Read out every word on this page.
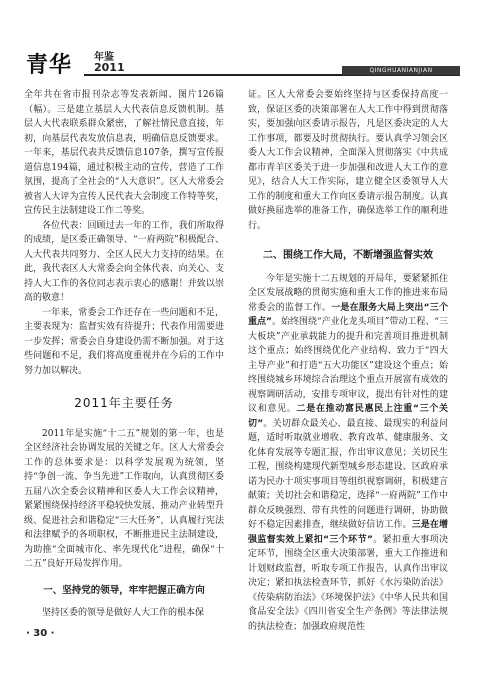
青华 年鉴
2011	QINGHUANIANJIAN

全年共在省市报刊杂志等发表新闻、图片126篇（幅）。三是建立基层人大代表信息反馈机制。基层人大代表联系群众紧密，了解社情民意直接，年初，向基层代表发放信息表，明确信息反馈要求。一年来，基层代表共反馈信息107条，撰写宣传报道信息194篇，通过积极主动的宣传，营造了工作氛围，提高了全社会的“人大意识”。区人大常委会被省人大评为宣传人民代表大会制度工作特等奖，宣传民主法制建设工作二等奖。

各位代表：回顾过去一年的工作，我们所取得的成绩，是区委正确领导、“一府两院”积极配合、人大代表共同努力、全区人民大力支持的结果。在此，我代表区人大常委会向全体代表、向关心、支持人大工作的各位同志表示衷心的感谢！并致以崇高的敬意！

一年来，常委会工作还存在一些问题和不足，主要表现为：监督实效有待提升；代表作用需要进一步发挥；常委会自身建设仍需不断加强。对于这些问题和不足，我们将高度重视并在今后的工作中努力加以解决。

2011年主要任务

2011年是实施“十二五”规划的第一年，也是全区经济社会协调发展的关键之年。区人大常委会工作的总体要求是：以科学发展观为统领，坚持“争创一流、争当先进”工作取向，认真贯彻区委五届八次全委会议精神和区委人大工作会议精神，紧紧围绕保持经济平稳较快发展、推动产业转型升级、促进社会和谐稳定“三大任务”，认真履行宪法和法律赋予的各项职权，不断推进民主法制建设，为助推“全面城市化、率先现代化”进程，确保“十二五”良好开局发挥作用。

一、坚持党的领导，牢牢把握正确方向

坚持区委的领导是做好人大工作的根本保

证。区人大常委会要始终坚持与区委保持高度一致，保证区委的决策部署在人大工作中得到贯彻落实，要加强向区委请示报告，凡是区委决定的人大工作事项，都要及时贯彻执行。要认真学习领会区委人大工作会议精神，全面深入贯彻落实《中共成都市青羊区委关于进一步加强和改进人大工作的意见》，结合人大工作实际，建立健全区委领导人大工作的制度和重大工作向区委请示报告制度。认真做好换届选举的准备工作，确保选举工作的顺利进行。

二、围绕工作大局，不断增强监督实效

今年是实施十二五规划的开局年，要紧紧抓住全区发展战略的贯彻实施和重大工作的推进来布局常委会的监督工作。一是在服务大局上突出“三个重点”。始终围绕“产业化龙头项目”带动工程、“三大板块”产业承载能力的提升和完善项目推进机制这个重点；始终围绕优化产业结构、致力于“四大主导产业”和打造“五大功能区”建设这个重点；始终围绕城乡环境综合治理这个重点开展富有成效的视察调研活动，安排专项审议，提出有针对性的建议和意见。二是在推动富民惠民上注重“三个关切”。关切群众最关心、最直接、最现实的利益问题，适时听取就业增收、教育改革、健康服务、文化体育发展等专题汇报，作出审议意见；关切民生工程，围绕构建现代新型城乡形态建设、区政府承诺为民办十项实事项目等组织视察调研，积极建言献策；关切社会和谐稳定，选择“一府两院”工作中群众反映强烈、带有共性的问题进行调研，协助做好不稳定因素排查，继续做好信访工作。三是在增强监督实效上紧扣“三个环节”。紧扣重大事项决定环节，围绕全区重大决策部署，重大工作推进和计划财政监督，听取专项工作报告，认真作出审议决定；紧扣执法检查环节，抓好《水污染防治法》《传染病防治法》《环境保护法》《中华人民共和国食品安全法》《四川省安全生产条例》等法律法规的执法检查；加强政府规范性

· 30 ·
